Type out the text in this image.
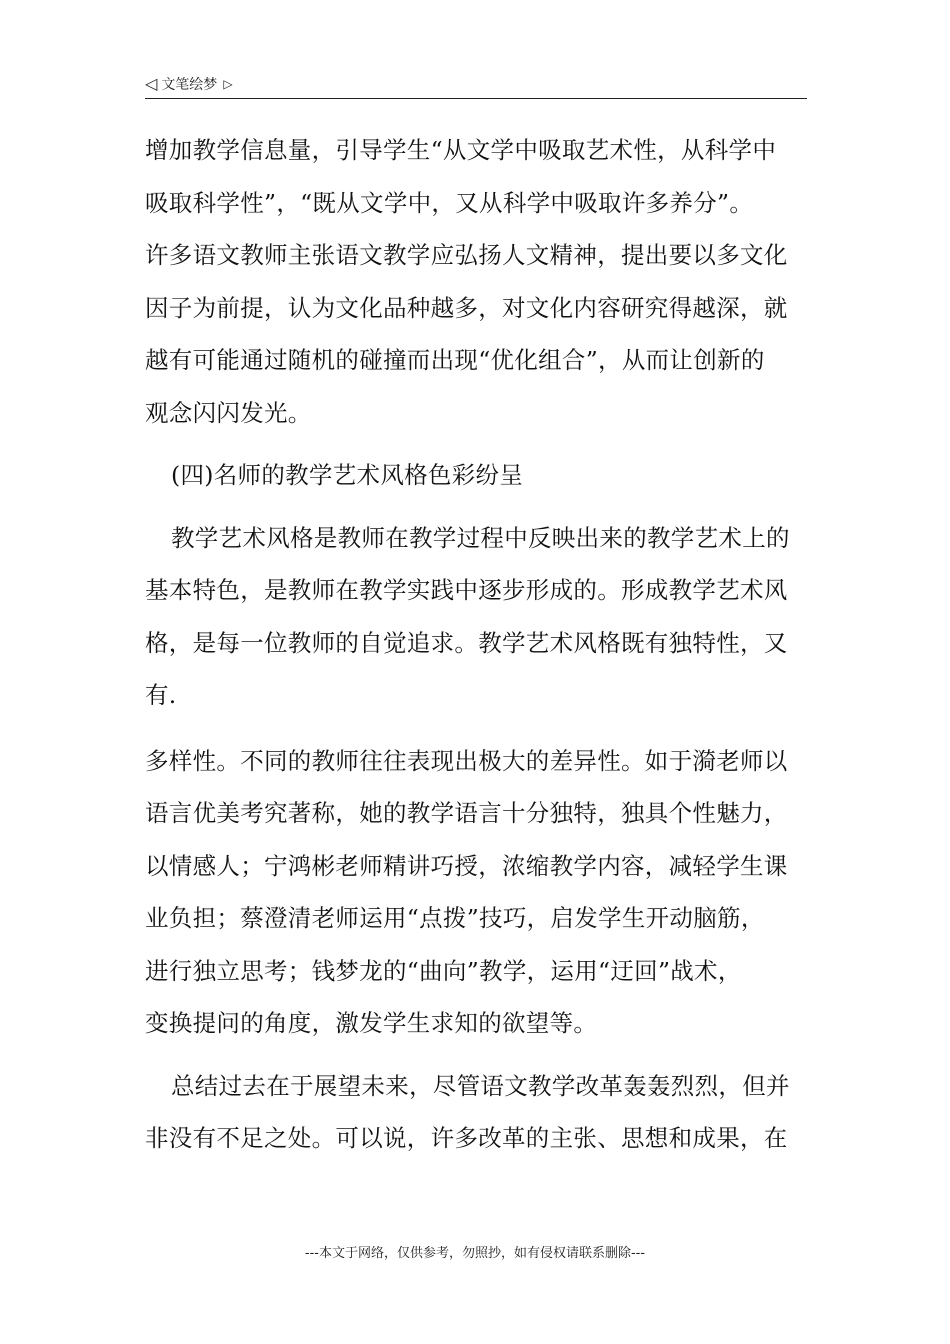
◁ 文笔绘梦 ▷

增加教学信息量，引导学生“从文学中吸取艺术性，从科学中

吸取科学性”，“既从文学中，又从科学中吸取许多养分”。

许多语文教师主张语文教学应弘扬人文精神，提出要以多文化

因子为前提，认为文化品种越多，对文化内容研究得越深，就

越有可能通过随机的碰撞而出现“优化组合”，从而让创新的

观念闪闪发光。

(四)名师的教学艺术风格色彩纷呈

教学艺术风格是教师在教学过程中反映出来的教学艺术上的

基本特色，是教师在教学实践中逐步形成的。形成教学艺术风

格，是每一位教师的自觉追求。教学艺术风格既有独特性，又

有.

多样性。不同的教师往往表现出极大的差异性。如于漪老师以

语言优美考究著称，她的教学语言十分独特，独具个性魅力，

以情感人；宁鸿彬老师精讲巧授，浓缩教学内容，减轻学生课

业负担；蔡澄清老师运用“点拨”技巧，启发学生开动脑筋，

进行独立思考；钱梦龙的“曲向”教学，运用“迂回”战术，

变换提问的角度，激发学生求知的欲望等。

总结过去在于展望未来，尽管语文教学改革轰轰烈烈，但并

非没有不足之处。可以说，许多改革的主张、思想和成果，在

---本文于网络，仅供参考，勿照抄，如有侵权请联系删除---
